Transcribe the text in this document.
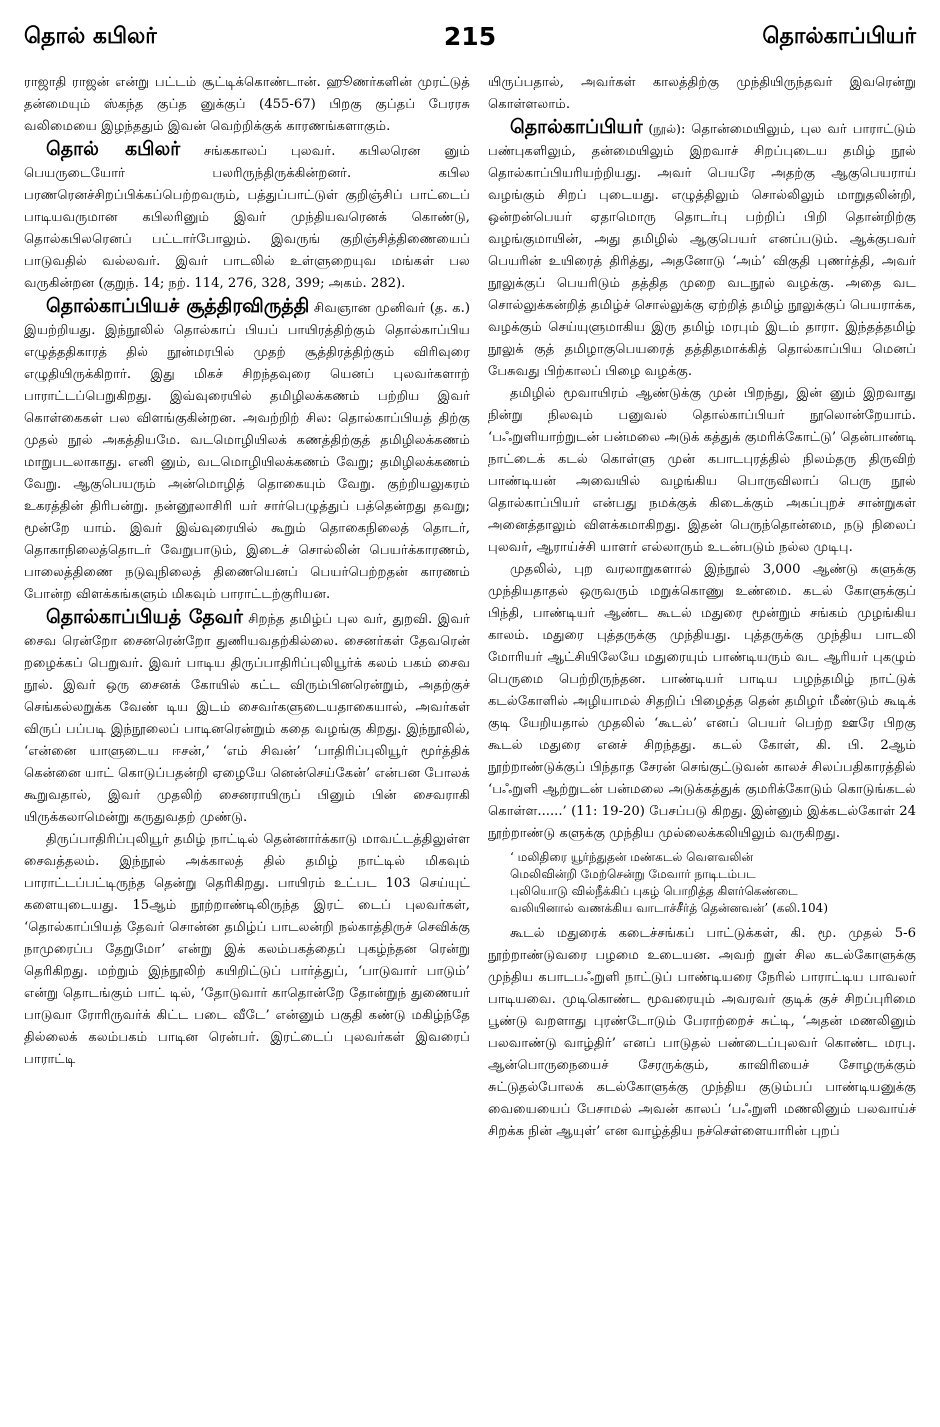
தொல் கபிலர்	215	தொல்காப்பியர்

ராஜாதி ராஜன் என்று பட்டம் சூட்டிக்கொண்டான். ஹூணர்களின் முரட்டுத் தன்மையும் ஸ்கந்த குப்த னுக்குப் (455-67) பிறகு குப்தப் பேரரசு வலிமையை இழந்ததும் இவன் வெற்றிக்குக் காரணங்களாகும்.

தொல் கபிலர் சங்ககாலப் புலவர். கபிலரென னும் பெயருடையோர் பலரிருந்திருக்கின்றனர். கபில பரணரெனச்சிறப்பிக்கப்பெற்றவரும், பத்துப்பாட்டுள் குறிஞ்சிப் பாட்டைப் பாடியவருமான கபிலரினும் இவர் முந்தியவரெனக் கொண்டு, தொல்கபிலரெனப் பட்டார்போலும். இவருங் குறிஞ்சித்திணையைப் பாடுவதில் வல்லவர். இவர் பாடலில் உள்ளுறையுவ மங்கள் பல வருகின்றன (குறுந். 14; நற். 114, 276, 328, 399; அகம். 282).

தொல்காப்பியச் சூத்திரவிருத்தி சிவஞான முனிவர் (த. க.) இயற்றியது. இந்நூலில் தொல்காப் பியப் பாயிரத்திற்கும் தொல்காப்பிய எழுத்ததிகாரத் தில் நூன்மரபில் முதற் சூத்திரத்திற்கும் விரிவுரை எழுதியிருக்கிறார். இது மிகச் சிறந்தவுரை யெனப் புலவர்களாற் பாராட்டப்பெறுகிறது. இவ்வுரையில் தமிழிலக்கணம் பற்றிய இவர் கொள்கைகள் பல விளங்குகின்றன. அவற்றிற் சில: தொல்காப்பியத் திற்கு முதல் நூல் அகத்தியமே. வடமொழியிலக் கணத்திற்குத் தமிழிலக்கணம் மாறுபடலாகாது. எனி னும், வடமொழியிலக்கணம் வேறு; தமிழிலக்கணம் வேறு. ஆகுபெயரும் அன்மொழித் தொகையும் வேறு. குற்றியலுகரம் உகரத்தின் திரிபன்று. நன்னூலாசிரி யர் சார்பெழுத்துப் பத்தென்றது தவறு; மூன்றே யாம். இவர் இவ்வுரையில் கூறும் தொகைநிலைத் தொடர், தொகாநிலைத்தொடர் வேறுபாடும், இடைச் சொல்லின் பெயர்க்காரணம், பாலைத்திணை நடுவுநிலைத் திணையெனப் பெயர்பெற்றதன் காரணம் போன்ற விளக்கங்களும் மிகவும் பாராட்டற்குரியன.

தொல்காப்பியத் தேவர் சிறந்த தமிழ்ப் புல வர், துறவி. இவர் சைவ ரென்றோ சைனரென்றோ துணியவதற்கில்லை. சைனர்கள் தேவரென் றழைக்கப் பெறுவர். இவர் பாடிய திருப்பாதிரிப்புலியூர்க் கலம் பகம் சைவ நூல். இவர் ஒரு சைனக் கோயில் கட்ட விரும்பினரென்றும், அதற்குச் செங்கல்லறுக்க வேண் டிய இடம் சைவர்களுடையதாகையால், அவர்கள் விருப் பப்படி இந்நூலைப் பாடினரென்றும் கதை வழங்கு கிறது. இந்நூலில், ‘என்னை யாளுடைய ஈசன்,’ ‘எம் சிவன்’ ‘பாதிரிப்புலியூர் மூர்த்திக் கென்னை யாட் கொடுப்பதன்றி ஏழையே னென்செய்கேன்’ என்பன போலக் கூறுவதால், இவர் முதலிற் சைனராயிருப் பினும் பின் சைவராகி யிருக்கலாமென்று கருதுவதற் முண்டு.

திருப்பாதிரிப்புலியூர் தமிழ் நாட்டில் தென்னார்க்காடு மாவட்டத்திலுள்ள சைவத்தலம். இந்நூல் அக்காலத் தில் தமிழ் நாட்டில் மிகவும் பாராட்டப்பட்டிருந்த தென்று தெரிகிறது. பாயிரம் உட்பட 103 செய்யுட் களையுடையது. 15ஆம் நூற்றாண்டிலிருந்த இரட் டைப் புலவர்கள், ‘தொல்காப்பியத் தேவர் சொன்ன தமிழ்ப் பாடலன்றி நல்காத்திருச் செவிக்கு நாமுரைப்ப தேறுமோ’ என்று இக் கலம்பகத்தைப் புகழ்ந்தன ரென்று தெரிகிறது. மற்றும் இந்நூலிற் கயிறிட்டுப் பார்த்துப், ‘பாடுவார் பாடும்’ என்று தொடங்கும் பாட் டில், ‘தோடுவார் காதொன்றே தோன்றுந் துணையர் பாடுவா ரோரிருவர்க் கிட்ட படை வீடே’ என்னும் பகுதி கண்டு மகிழ்ந்தே தில்லைக் கலம்பகம் பாடின ரென்பர். இரட்டைப் புலவர்கள் இவரைப் பாராட்டி

யிருப்பதால், அவர்கள் காலத்திற்கு முந்தியிருந்தவர் இவரென்று கொள்ளலாம்.

தொல்காப்பியர் (நூல்): தொன்மையிலும், புல வர் பாராட்டும் பண்புகளிலும், தன்மையிலும் இறவாச் சிறப்புடைய தமிழ் நூல் தொல்காப்பியரியற்றியது. அவர் பெயரே அதற்கு ஆகுபெயராய் வழங்கும் சிறப் புடையது. எழுத்திலும் சொல்லிலும் மாறுதலின்றி, ஒன்றன்பெயர் ஏதாமொரு தொடர்பு பற்றிப் பிறி தொன்றிற்கு வழங்குமாயின், அது தமிழில் ஆகுபெயர் எனப்படும். ஆக்குபவர் பெயரின் உயிரைத் திரித்து, அதனோடு ‘அம்’ விகுதி புணர்த்தி, அவர் நூலுக்குப் பெயரிடும் தத்தித முறை வடநூல் வழக்கு. அதை வட சொல்லுக்கன்றித் தமிழ்ச் சொல்லுக்கு ஏற்றித் தமிழ் நூலுக்குப் பெயராக்க, வழக்கும் செய்யுளுமாகிய இரு தமிழ் மரபும் இடம் தாரா. இந்தத்தமிழ் நூலுக் குத் தமிழாகுபெயரைத் தத்திதமாக்கித் தொல்காப்பிய மெனப் பேசுவது பிற்காலப் பிழை வழக்கு.

தமிழில் மூவாயிரம் ஆண்டுக்கு முன் பிறந்து, இன் னும் இறவாது நின்று நிலவும் பனுவல் தொல்காப்பியர் நூலொன்றேயாம். ‘பஃறுளியாற்றுடன் பன்மலை அடுக் கத்துக் குமரிக்கோட்டு’ தென்பாண்டி நாட்டைக் கடல் கொள்ளு முன் கபாடபுரத்தில் நிலம்தரு திருவிற் பாண்டியன் அவையில் வழங்கிய பொருவிலாப் பெரு நூல் தொல்காப்பியர் என்பது நமக்குக் கிடைக்கும் அகப்புறச் சான்றுகள் அனைத்தாலும் விளக்கமாகிறது. இதன் பெருந்தொன்மை, நடு நிலைப் புலவர், ஆராய்ச்சி யாளர் எல்லாரும் உடன்படும் நல்ல முடிபு.

முதலில், புற வரலாறுகளால் இந்நூல் 3,000 ஆண்டு களுக்கு முந்தியதாதல் ஒருவரும் மறுக்கொணு உண்மை. கடல் கோளுக்குப் பிந்தி, பாண்டியர் ஆண்ட கூடல் மதுரை மூன்றும் சங்கம் முழங்கிய காலம். மதுரை புத்தருக்கு முந்தியது. புத்தருக்கு முந்திய பாடலி மோரியர் ஆட்சியிலேயே மதுரையும் பாண்டியரும் வட ஆரியர் புகழும் பெருமை பெற்றிருந்தன. பாண்டியர் பாடிய பழந்தமிழ் நாட்டுக் கடல்கோளில் அழியாமல் சிதறிப் பிழைத்த தென் தமிழர் மீண்டும் கூடிக் குடி யேறியதால் முதலில் ‘கூடல்’ எனப் பெயர் பெற்ற ஊரே பிறகு கூடல் மதுரை எனச் சிறந்தது. கடல் கோள், கி. பி. 2ஆம் நூற்றாண்டுக்குப் பிந்தாத சேரன் செங்குட்டுவன் காலச் சிலப்பதிகாரத்தில் ‘பஃறுளி ஆற்றுடன் பன்மலை அடுக்கத்துக் குமரிக்கோடும் கொடுங்கடல் கொள்ள......’ (11: 19-20) பேசப்படு கிறது. இன்னும் இக்கடல்கோள் 24 நூற்றாண்டு களுக்கு முந்திய முல்லைக்கலியிலும் வருகிறது.

‘ மலிதிரை யூர்ந்துதன் மண்கடல் வௌவலின்
மெலிவின்றி மேற்சென்று மேவார் நாடிடம்பட
புலியொடு வில்நீக்கிப் புகழ் பொறித்த கிளர்கெண்டை
வலியினால் வணக்கிய வாடாச்சீர்த் தென்னவன்’ (கலி.104)

கூடல் மதுரைக் கடைச்சங்கப் பாட்டுக்கள், கி. மூ. முதல் 5-6 நூற்றாண்டுவரை பழமை உடையன. அவற் றுள் சில கடல்கோளுக்கு முந்திய கபாடபஃறுளி நாட்டுப் பாண்டியரை நேரில் பாராட்டிய பாவலர் பாடியவை. முடிகொண்ட மூவரையும் அவரவர் குடிக் குச் சிறப்புரிமை பூண்டு வறளாது புரண்டோடும் பேராற்றைச் சுட்டி, ‘அதன் மணலினும் பலவாண்டு வாழ்திர்’ எனப் பாடுதல் பண்டைப்புலவர் கொண்ட மரபு. ஆன்பொருநையைச் சேரருக்கும், காவிரியைச் சோழருக்கும் சுட்டுதல்போலக் கடல்கோளுக்கு முந்திய குடும்பப் பாண்டியனுக்கு வையையைப் பேசாமல் அவன் காலப் ‘பஃறுளி மணலினும் பலவாய்ச் சிறக்க நின் ஆயுள்’ என வாழ்த்திய நச்செள்ளையாரின் புறப்
